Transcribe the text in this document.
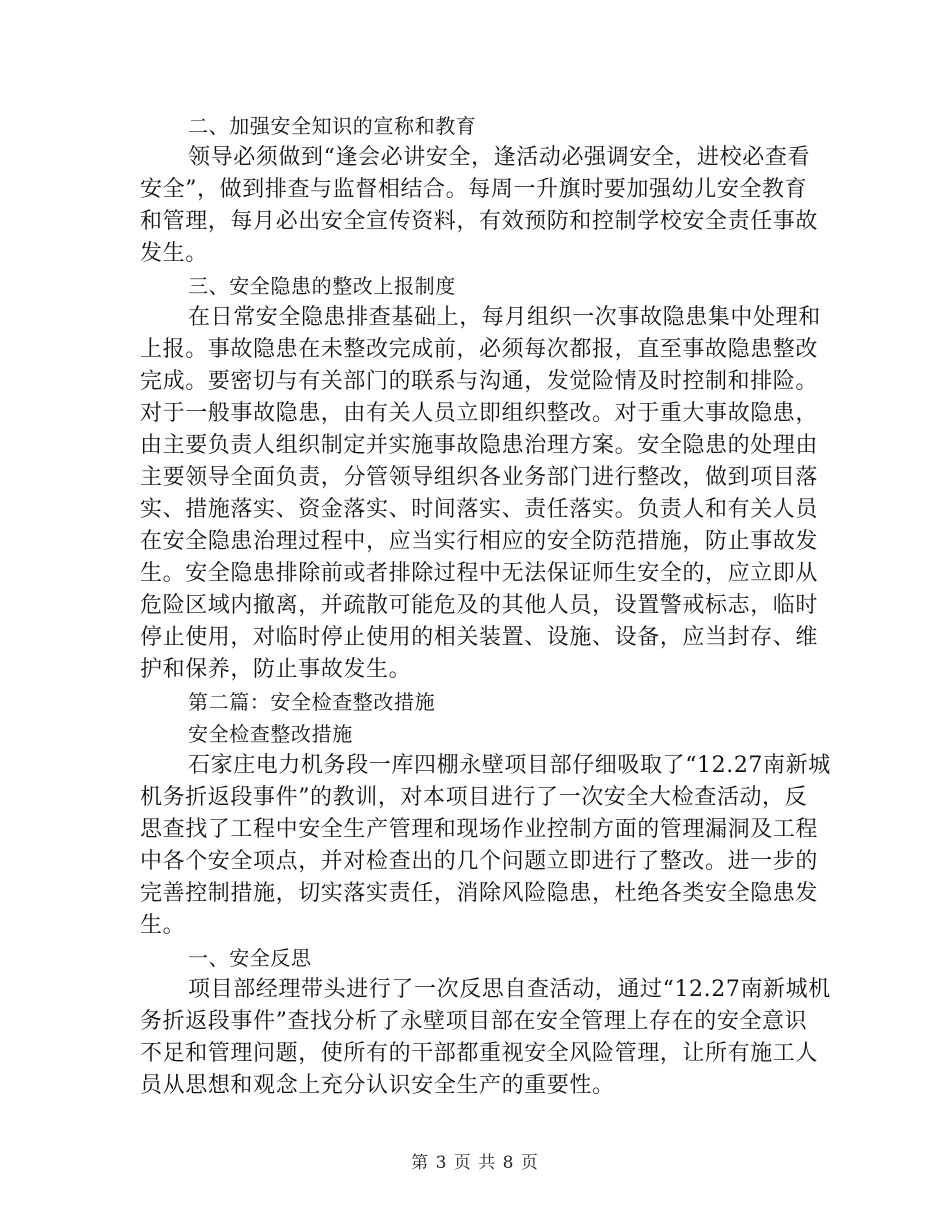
二、加强安全知识的宣称和教育
领导必须做到“逢会必讲安全，逢活动必强调安全，进校必查看
安全”，做到排查与监督相结合。每周一升旗时要加强幼儿安全教育
和管理，每月必出安全宣传资料，有效预防和控制学校安全责任事故
发生。
三、安全隐患的整改上报制度
在日常安全隐患排查基础上，每月组织一次事故隐患集中处理和
上报。事故隐患在未整改完成前，必须每次都报，直至事故隐患整改
完成。要密切与有关部门的联系与沟通，发觉险情及时控制和排险。
对于一般事故隐患，由有关人员立即组织整改。对于重大事故隐患，
由主要负责人组织制定并实施事故隐患治理方案。安全隐患的处理由
主要领导全面负责，分管领导组织各业务部门进行整改，做到项目落
实、措施落实、资金落实、时间落实、责任落实。负责人和有关人员
在安全隐患治理过程中，应当实行相应的安全防范措施，防止事故发
生。安全隐患排除前或者排除过程中无法保证师生安全的，应立即从
危险区域内撤离，并疏散可能危及的其他人员，设置警戒标志，临时
停止使用，对临时停止使用的相关装置、设施、设备，应当封存、维
护和保养，防止事故发生。
第二篇：安全检查整改措施
安全检查整改措施
石家庄电力机务段一库四棚永壁项目部仔细吸取了“12.27南新城
机务折返段事件”的教训，对本项目进行了一次安全大检查活动，反
思查找了工程中安全生产管理和现场作业控制方面的管理漏洞及工程
中各个安全项点，并对检查出的几个问题立即进行了整改。进一步的
完善控制措施，切实落实责任，消除风险隐患，杜绝各类安全隐患发
生。
一、安全反思
项目部经理带头进行了一次反思自查活动，通过“12.27南新城机
务折返段事件”查找分析了永壁项目部在安全管理上存在的安全意识
不足和管理问题，使所有的干部都重视安全风险管理，让所有施工人
员从思想和观念上充分认识安全生产的重要性。
第 3 页 共 8 页
